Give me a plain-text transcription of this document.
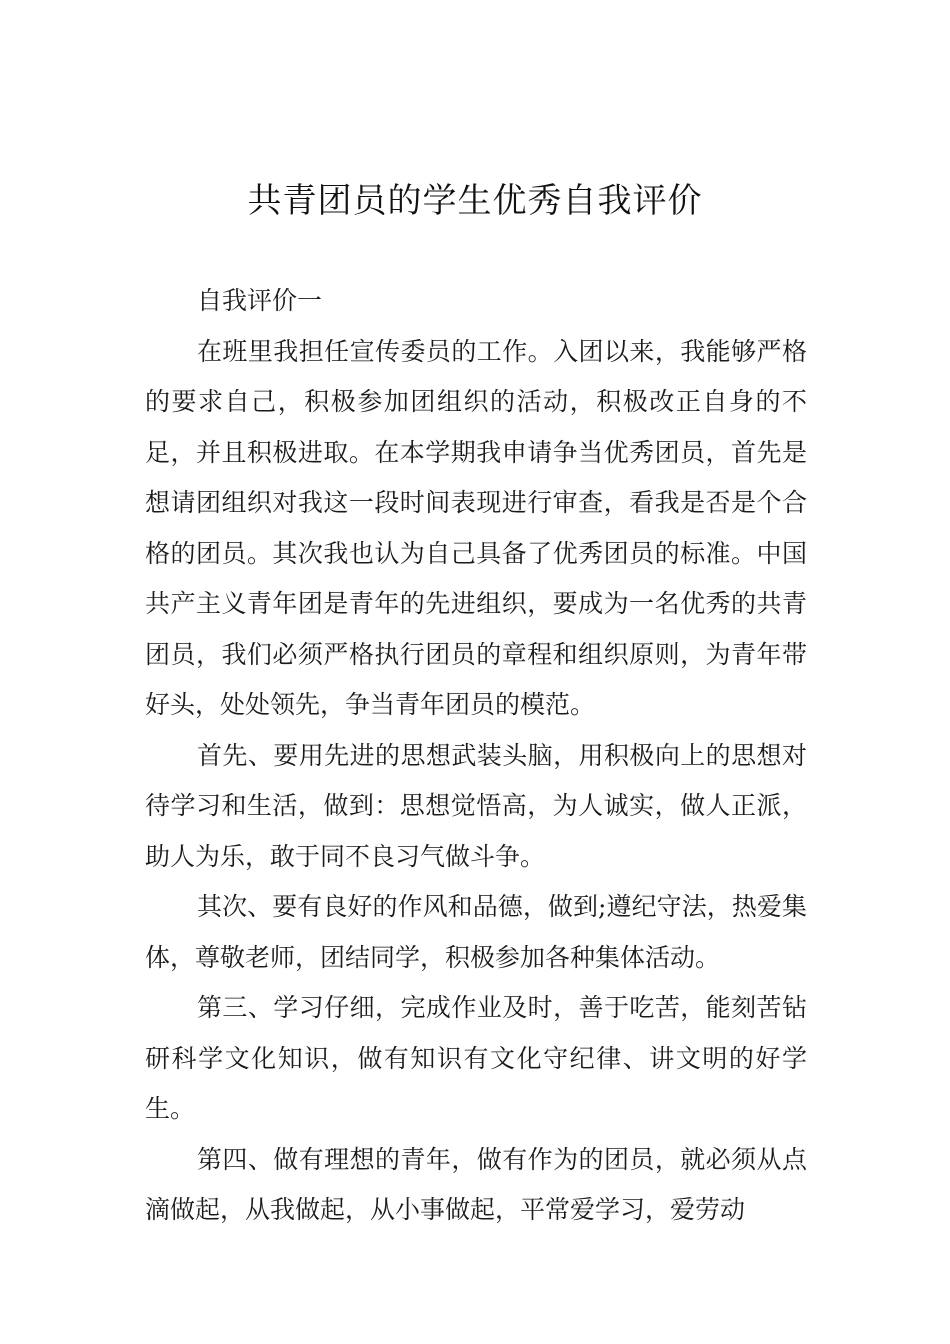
共青团员的学生优秀自我评价

自我评价一

在班里我担任宣传委员的工作。入团以来，我能够严格的要求自己，积极参加团组织的活动，积极改正自身的不足，并且积极进取。在本学期我申请争当优秀团员，首先是想请团组织对我这一段时间表现进行审查，看我是否是个合格的团员。其次我也认为自己具备了优秀团员的标准。中国共产主义青年团是青年的先进组织，要成为一名优秀的共青团员，我们必须严格执行团员的章程和组织原则，为青年带好头，处处领先，争当青年团员的模范。

首先、要用先进的思想武装头脑，用积极向上的思想对待学习和生活，做到：思想觉悟高，为人诚实，做人正派，助人为乐，敢于同不良习气做斗争。

其次、要有良好的作风和品德，做到;遵纪守法，热爱集体，尊敬老师，团结同学，积极参加各种集体活动。

第三、学习仔细，完成作业及时，善于吃苦，能刻苦钻研科学文化知识，做有知识有文化守纪律、讲文明的好学生。

第四、做有理想的青年，做有作为的团员，就必须从点滴做起，从我做起，从小事做起，平常爱学习，爱劳动
